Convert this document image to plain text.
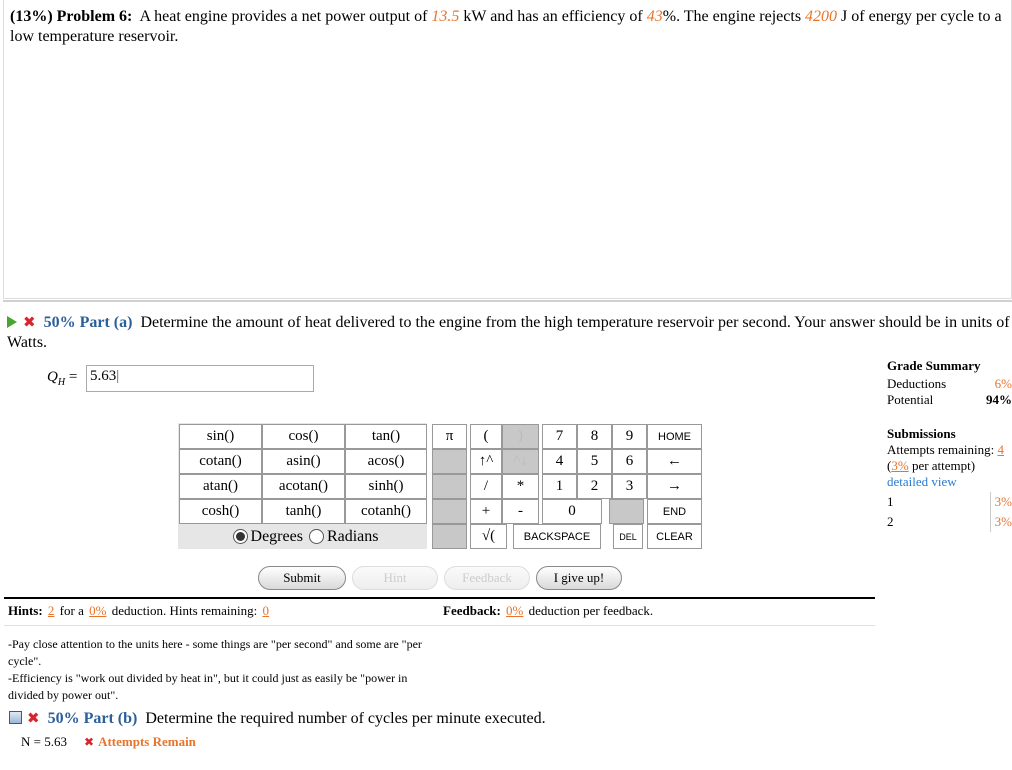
(13%) Problem 6: A heat engine provides a net power output of 13.5 kW and has an efficiency of 43%. The engine rejects 4200 J of energy per cycle to a low temperature reservoir.
✖ 50% Part (a) Determine the amount of heat delivered to the engine from the high temperature reservoir per second. Your answer should be in units of Watts.
$Q_H = 5.63|$
sin()	cos()	tan()
cotan()	asin()	acos()
atan()	acotan()	sinh()
cosh()	tanh()	cotanh()
Degrees Radians
π	(	)
↑^	^↓
/	*
+	-
√(
7	8	9
4	5	6
1	2	3
0
HOME
←
→
END
BACKSPACE	DEL	CLEAR
Submit	Hint	Feedback	I give up!
Hints: 2 for a 0% deduction. Hints remaining: 0	Feedback: 0% deduction per feedback.
-Pay close attention to the units here - some things are "per second" and some are "per cycle".
-Efficiency is "work out divided by heat in", but it could just as easily be "power in divided by power out".
✖ 50% Part (b) Determine the required number of cycles per minute executed.
N = 5.63 ✖ Attempts Remain
Grade Summary
Deductions	6%
Potential	94%
Submissions
Attempts remaining: 4
(3% per attempt)
detailed view
1	3%
2	3%
